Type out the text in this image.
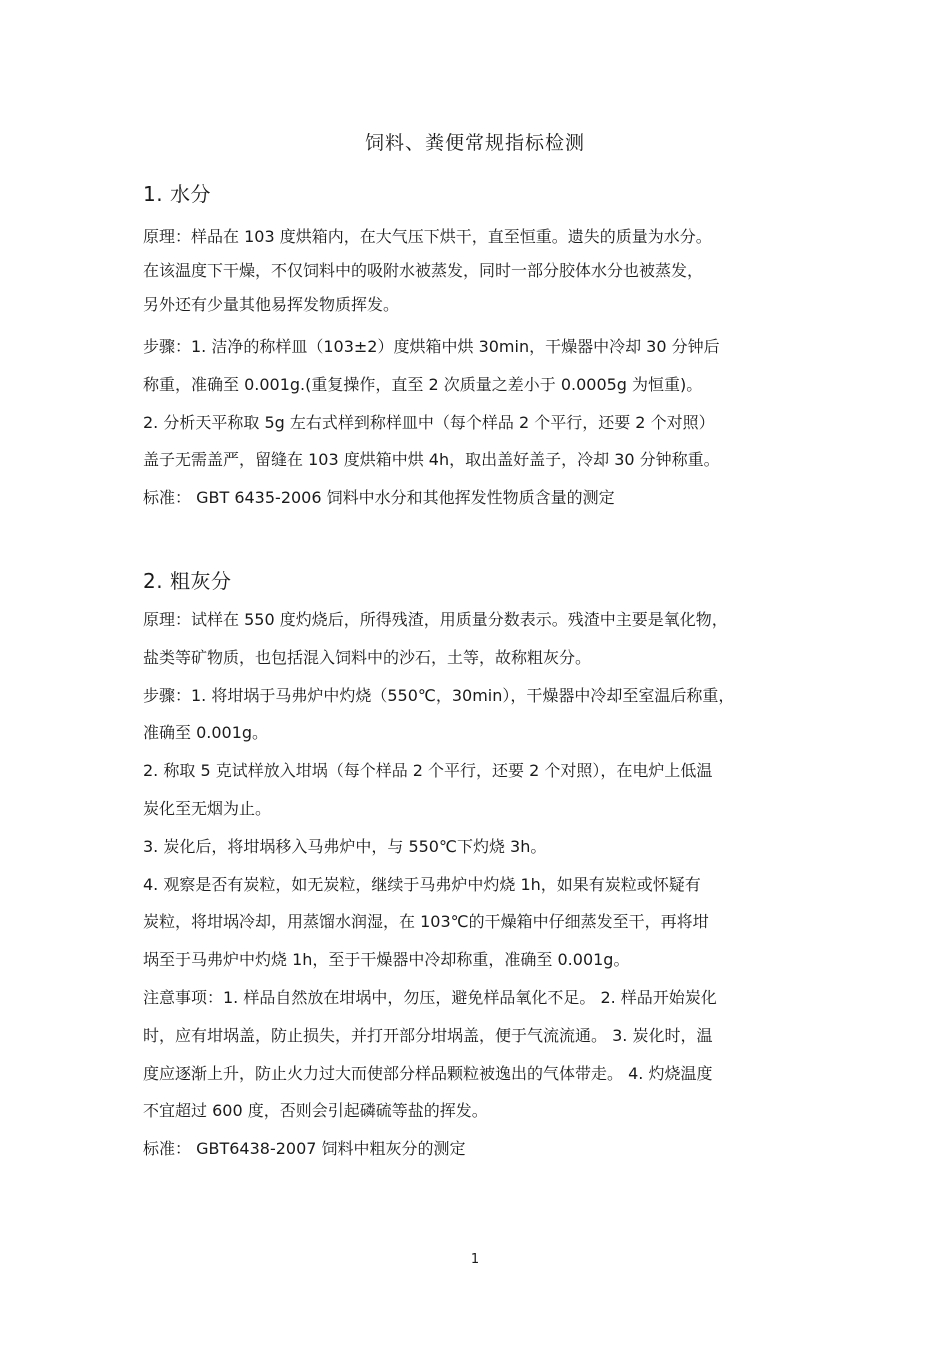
饲料、粪便常规指标检测
1. 水分
原理：样品在 103 度烘箱内，在大气压下烘干，直至恒重。遗失的质量为水分。
在该温度下干燥，不仅饲料中的吸附水被蒸发，同时一部分胶体水分也被蒸发，
另外还有少量其他易挥发物质挥发。
步骤：1. 洁净的称样皿（103±2）度烘箱中烘 30min，干燥器中冷却 30 分钟后
称重，准确至 0.001g.(重复操作，直至 2 次质量之差小于 0.0005g 为恒重)。
2. 分析天平称取 5g 左右式样到称样皿中（每个样品 2 个平行，还要 2 个对照）
盖子无需盖严，留缝在 103 度烘箱中烘 4h，取出盖好盖子，冷却 30 分钟称重。
标准： GBT 6435-2006 饲料中水分和其他挥发性物质含量的测定
2. 粗灰分
原理：试样在 550 度灼烧后，所得残渣，用质量分数表示。残渣中主要是氧化物，
盐类等矿物质，也包括混入饲料中的沙石，土等，故称粗灰分。
步骤：1. 将坩埚于马弗炉中灼烧（550℃，30min），干燥器中冷却至室温后称重，
准确至 0.001g。
2. 称取 5 克试样放入坩埚（每个样品 2 个平行，还要 2 个对照），在电炉上低温
炭化至无烟为止。
3. 炭化后，将坩埚移入马弗炉中，与 550℃下灼烧 3h。
4. 观察是否有炭粒，如无炭粒，继续于马弗炉中灼烧 1h，如果有炭粒或怀疑有
炭粒，将坩埚冷却，用蒸馏水润湿，在 103℃的干燥箱中仔细蒸发至干，再将坩
埚至于马弗炉中灼烧 1h，至于干燥器中冷却称重，准确至 0.001g。
注意事项：1. 样品自然放在坩埚中，勿压，避免样品氧化不足。 2. 样品开始炭化
时，应有坩埚盖，防止损失，并打开部分坩埚盖，便于气流流通。 3. 炭化时，温
度应逐渐上升，防止火力过大而使部分样品颗粒被逸出的气体带走。 4. 灼烧温度
不宜超过 600 度，否则会引起磷硫等盐的挥发。
标准： GBT6438-2007 饲料中粗灰分的测定
1
